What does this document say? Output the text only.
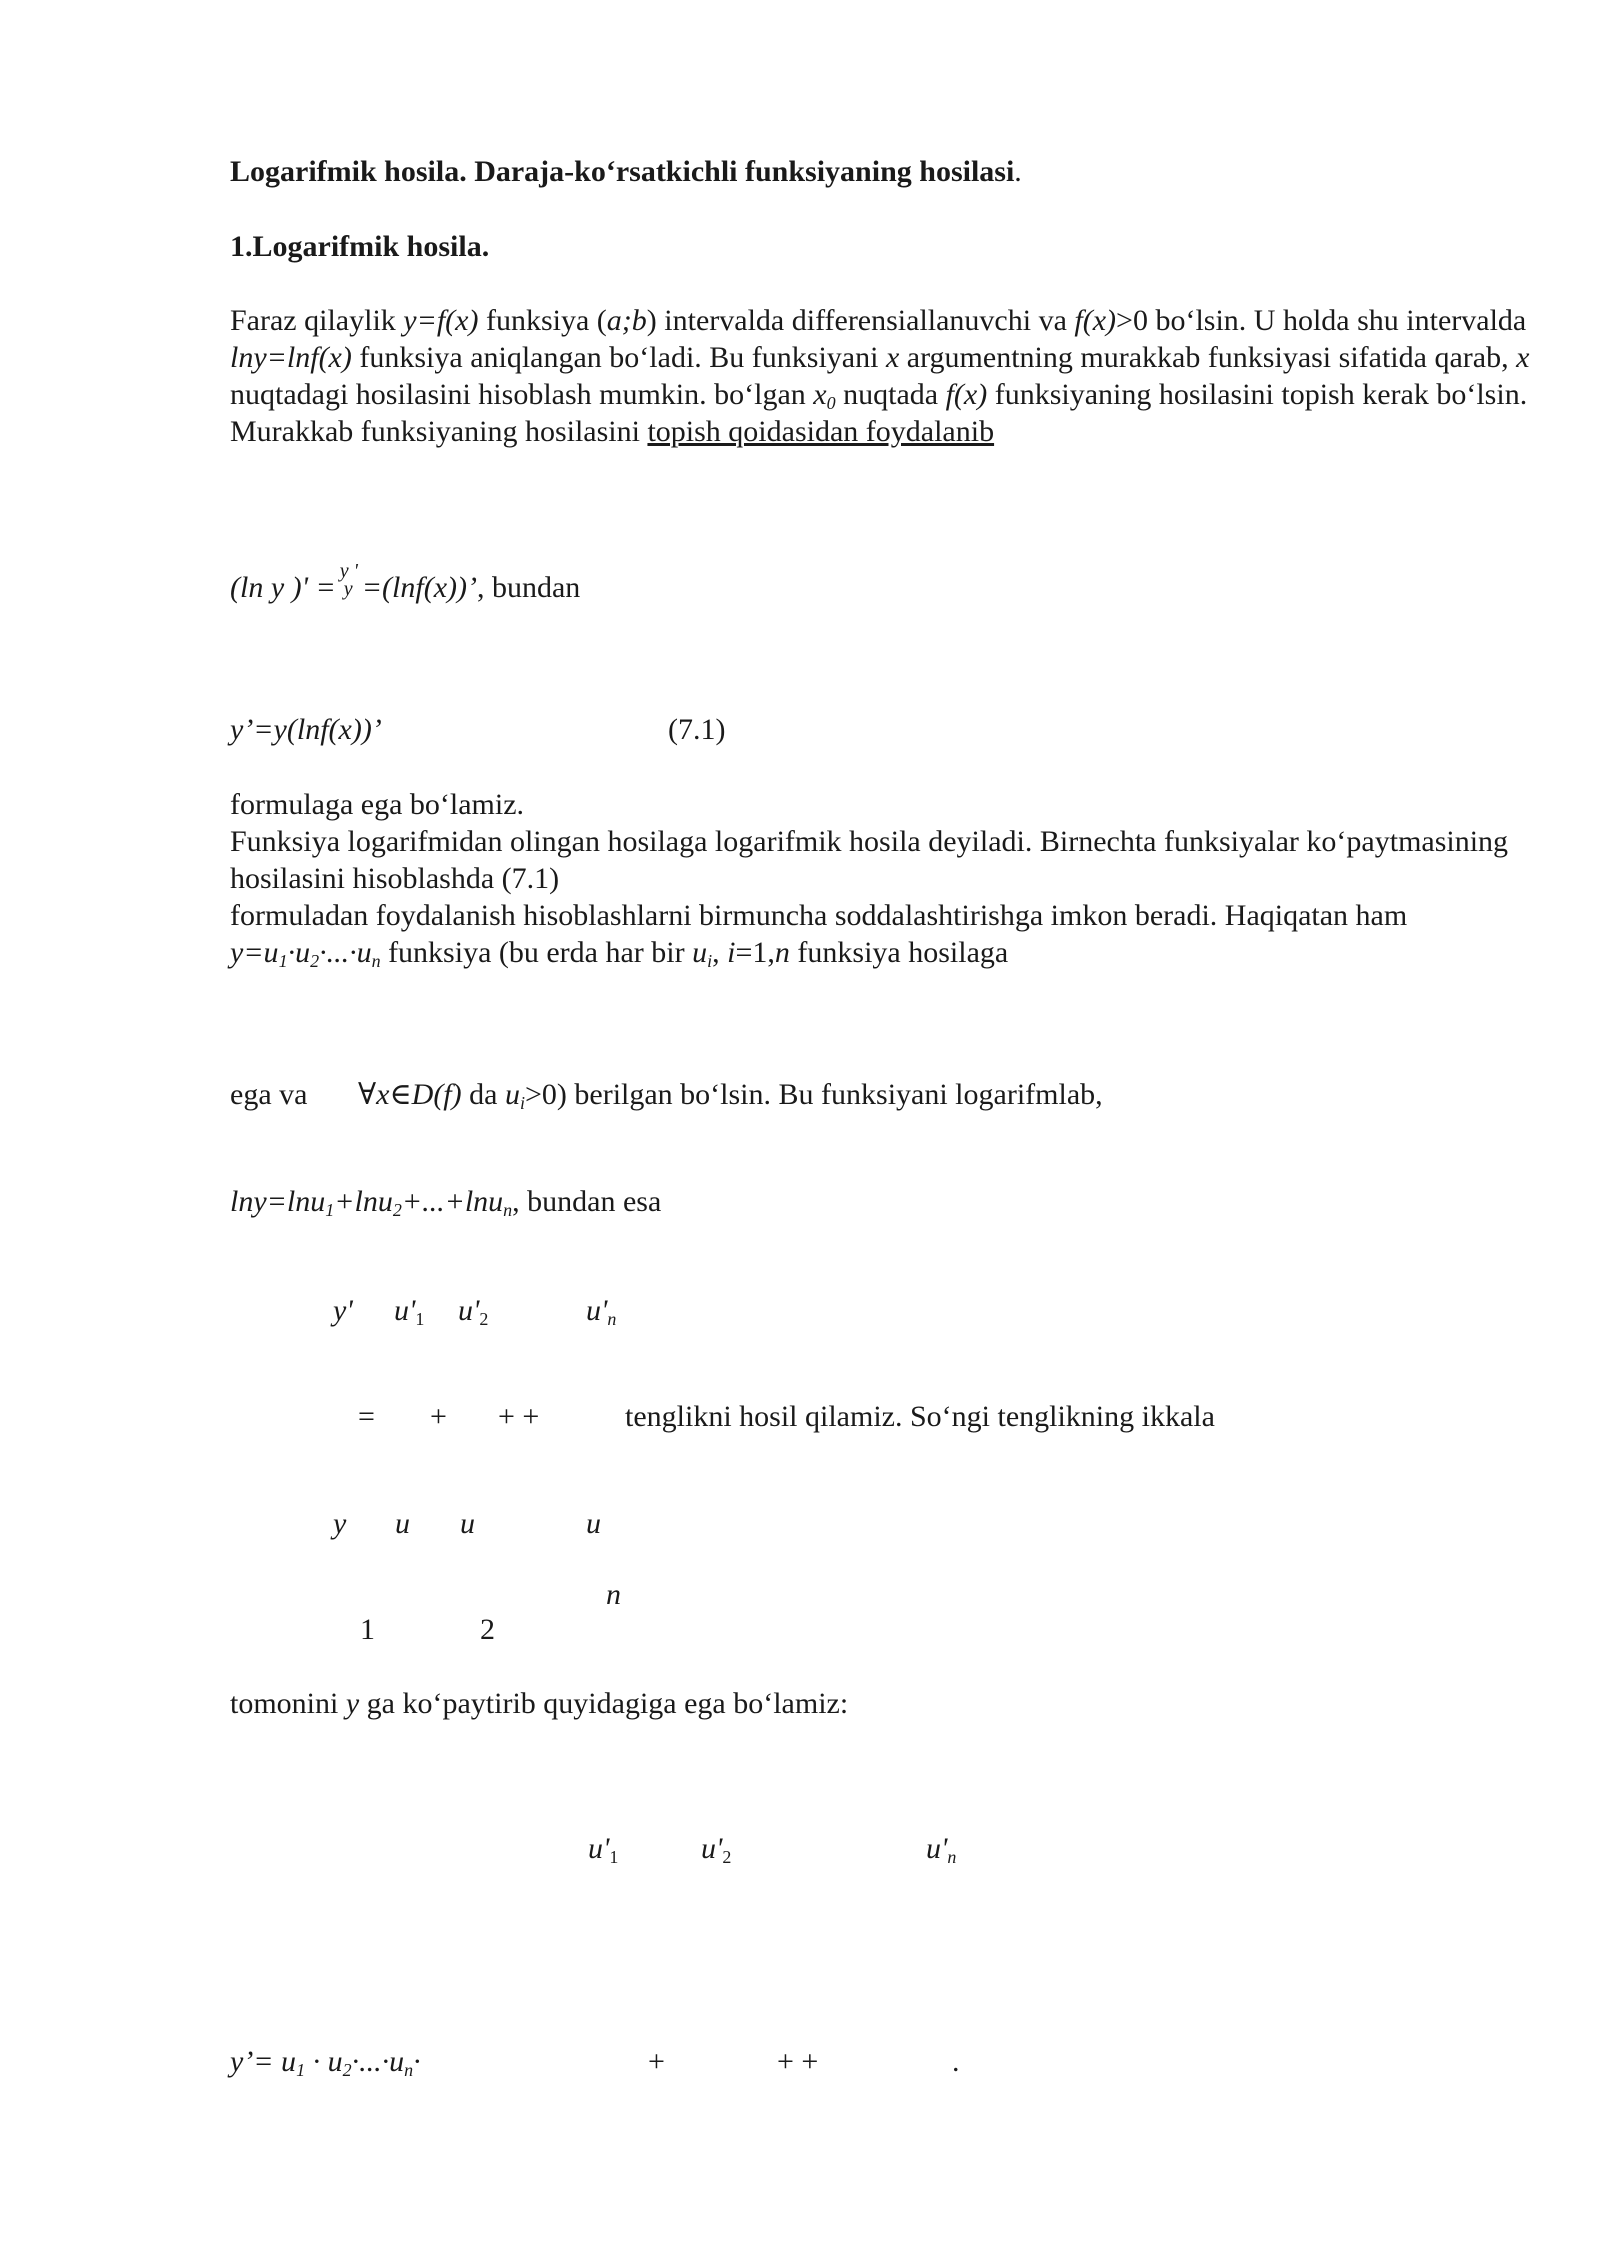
Logarifmik hosila. Daraja-ko‘rsatkichli funksiyaning hosilasi.
1.Logarifmik hosila.
Faraz qilaylik y=f(x) funksiya (a;b) intervalda differensiallanuvchi va f(x)>0 bo‘lsin. U holda shu intervalda lny=lnf(x) funksiya aniqlangan bo‘ladi. Bu funksiyani x argumentning murakkab funksiyasi sifatida qarab, x nuqtadagi hosilasini hisoblash mumkin. bo‘lgan $x_0$ nuqtada f(x) funksiyaning hosilasini topish kerak bo‘lsin. Murakkab funksiyaning hosilasini topish qoidasidan foydalanib
(ln y )' = y '
y =(lnf(x))’, bundan
y’=y(lnf(x))’	(7.1)

formulaga ega bo‘lamiz.

Funksiya logarifmidan olingan hosilaga logarifmik hosila deyiladi. Birnechta funksiyalar ko‘paytmasining hosilasini hisoblashda (7.1)

formuladan foydalanish hisoblashlarni birmuncha soddalashtirishga imkon beradi. Haqiqatan ham $y=u_1\cdot u_2\cdot...\cdot u_n$ funksiya (bu erda har bir $u_i$, i=1,n funksiya hosilaga

ega va ∀x∈D(f) da $u_i>0$) berilgan bo‘lsin. Bu funksiyani logarifmlab,
lny=lnu$_1$+lnu$_2$+...+lnu$_n$, bundan esa
y' $u'_1$ $u'_2$	$u'_n$
= + + +	tenglikni hosil qilamiz. So‘ngi tenglikning ikkala
y u u	u
n
1	2
tomonini y ga ko‘paytirib quyidagiga ega bo‘lamiz:
$u'_1$	$u'_2$	$u'_n$
y’= $u_1 \cdot u_2\cdot...\cdot u_n\cdot$	+	+ +	.
